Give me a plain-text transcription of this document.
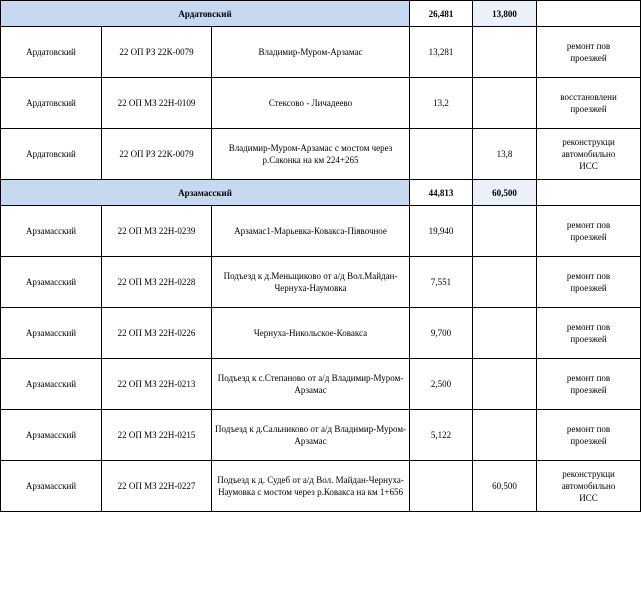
Ардатовский			26,481	13,800	
Ардатовский	22 ОП РЗ 22К-0079	Владимир-Муром-Арзамас	13,281		ремонт пов
проезжей
Ардатовский	22 ОП МЗ 22Н-0109	Стексово - Личадеево	13,2		восстановлени
проезжей
Ардатовский	22 ОП РЗ 22К-0079	Владимир-Муром-Арзамас с мостом через р.Саконка на км 224+265		13,8	реконструкци
автомобильно
ИСС
Арзамасский			44,813	60,500	
Арзамасский	22 ОП МЗ 22Н-0239	Арзамас1-Марьевка-Ковакса-Піявочное	19,940		ремонт пов
проезжей
Арзамасский	22 ОП МЗ 22Н-0228	Подъезд к д.Меньщиково от а/д Вол.Майдан-Чернуха-Наумовка	7,551		ремонт пов
проезжей
Арзамасский	22 ОП МЗ 22Н-0226	Чернуха-Никольское-Ковакса	9,700		ремонт пов
проезжей
Арзамасский	22 ОП МЗ 22Н-0213	Подъезд к с.Степаново от а/д Владимир-Муром-Арзамас	2,500		ремонт пов
проезжей
Арзамасский	22 ОП МЗ 22Н-0215	Подъезд к д.Сальниково от а/д Владимир-Муром-Арзамас	5,122		ремонт пов
проезжей
Арзамасский	22 ОП МЗ 22Н-0227	Подъезд к д. Судеб от а/д Вол. Майдан-Чернуха-Наумовка с мостом через р.Ковакса на км 1+656		60,500	реконструкци
автомобильно
ИСС
